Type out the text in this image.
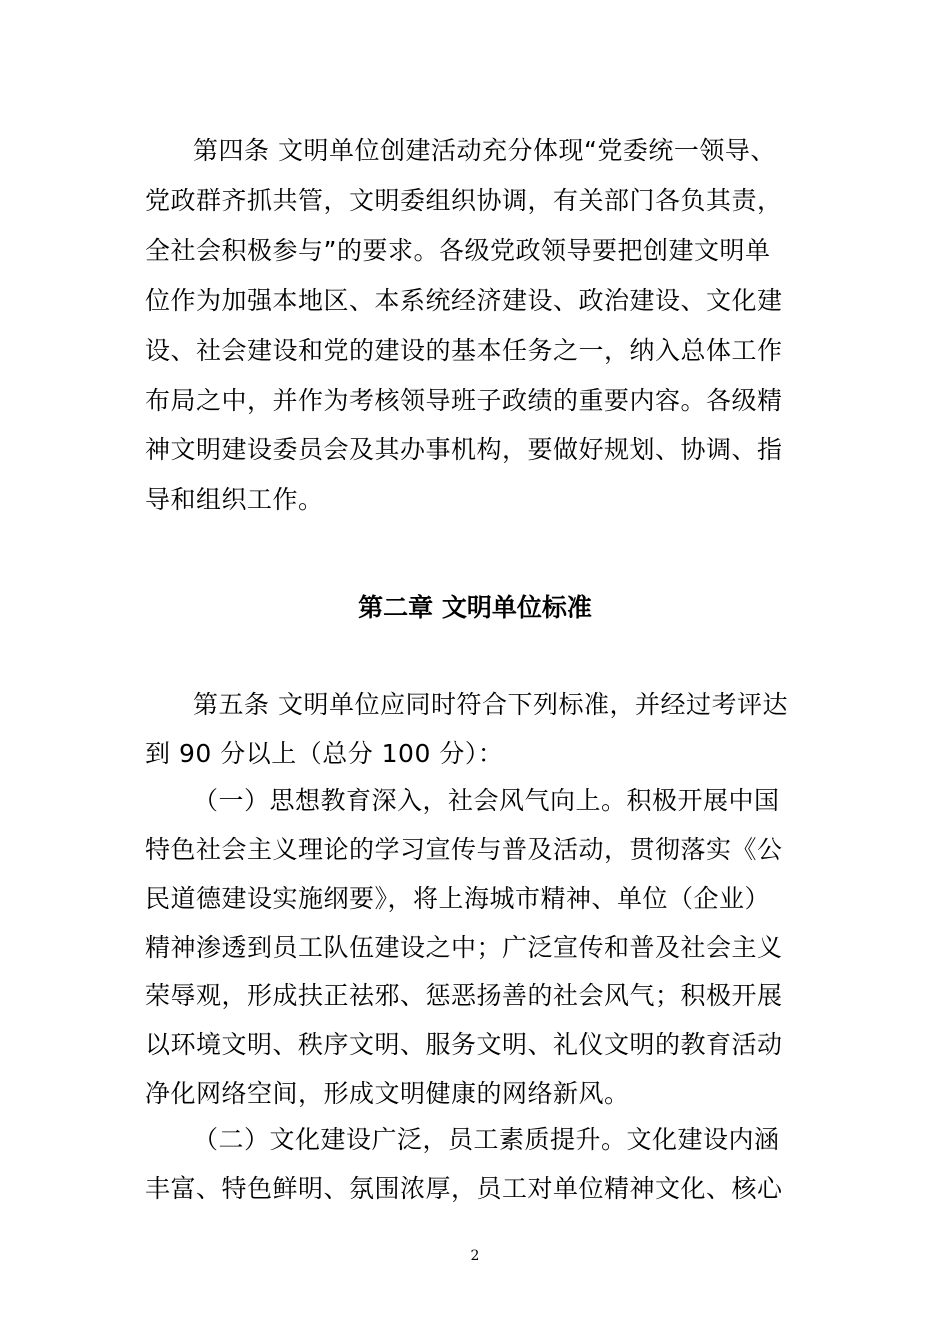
第四条 文明单位创建活动充分体现“党委统一领导、
党政群齐抓共管，文明委组织协调，有关部门各负其责，
全社会积极参与”的要求。各级党政领导要把创建文明单
位作为加强本地区、本系统经济建设、政治建设、文化建
设、社会建设和党的建设的基本任务之一，纳入总体工作
布局之中，并作为考核领导班子政绩的重要内容。各级精
神文明建设委员会及其办事机构，要做好规划、协调、指
导和组织工作。
第二章 文明单位标准
第五条 文明单位应同时符合下列标准，并经过考评达
到 90 分以上（总分 100 分）：
（一）思想教育深入，社会风气向上。积极开展中国
特色社会主义理论的学习宣传与普及活动，贯彻落实《公
民道德建设实施纲要》，将上海城市精神、单位（企业）
精神渗透到员工队伍建设之中；广泛宣传和普及社会主义
荣辱观，形成扶正祛邪、惩恶扬善的社会风气；积极开展
以环境文明、秩序文明、服务文明、礼仪文明的教育活动
净化网络空间，形成文明健康的网络新风。
（二）文化建设广泛，员工素质提升。文化建设内涵
丰富、特色鲜明、氛围浓厚，员工对单位精神文化、核心
2
